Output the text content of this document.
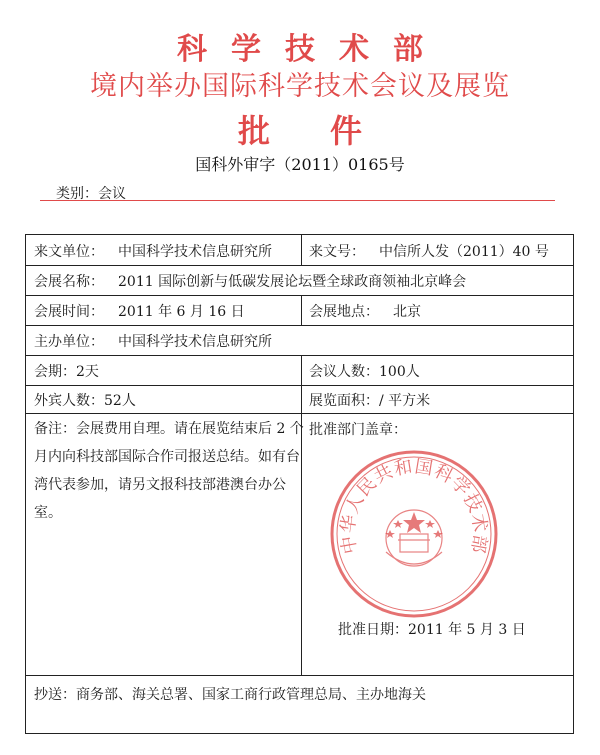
科学技术部
境内举办国际科学技术会议及展览
批件
国科外审字（2011）0165号
类别：会议
来文单位： 中国科学技术信息研究所	来文号： 中信所人发（2011）40 号
会展名称： 2011 国际创新与低碳发展论坛暨全球政商领袖北京峰会
会展时间： 2011 年 6 月 16 日	会展地点： 北京
主办单位： 中国科学技术信息研究所
会期：2天	会议人数：100人
外宾人数：52人	展览面积：/ 平方米
备注：会展费用自理。请在展览结束后 2 个月内向科技部国际合作司报送总结。如有台湾代表参加，请另文报科技部港澳台办公室。
批准部门盖章：
批准日期：2011 年 5 月 3 日
抄送：商务部、海关总署、国家工商行政管理总局、主办地海关
中华人民共和国科学技术部
